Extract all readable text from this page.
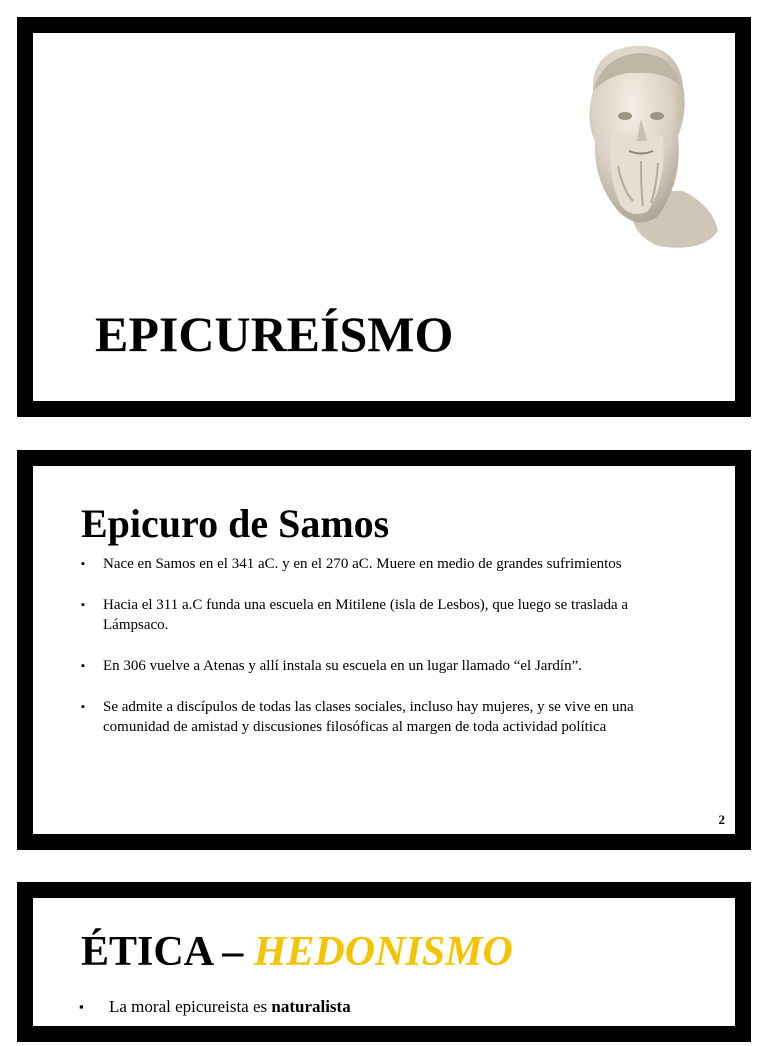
EPICUREÍSMO
Epicuro de Samos
▪ Nace en Samos en el 341 aC. y en el 270 aC. Muere en medio de grandes sufrimientos
▪ Hacia el 311 a.C funda una escuela en Mitilene (isla de Lesbos), que luego se traslada a Lámpsaco.
▪ En 306 vuelve a Atenas y allí instala su escuela en un lugar llamado “el Jardín”.
▪ Se admite a discípulos de todas las clases sociales, incluso hay mujeres, y se vive en una comunidad de amistad y discusiones filosóficas al margen de toda actividad política
2
ÉTICA – HEDONISMO
▪ La moral epicureista es naturalista
▪ Para ellos la naturaleza da el criterio del bien (placer) y del mal (dolor)
